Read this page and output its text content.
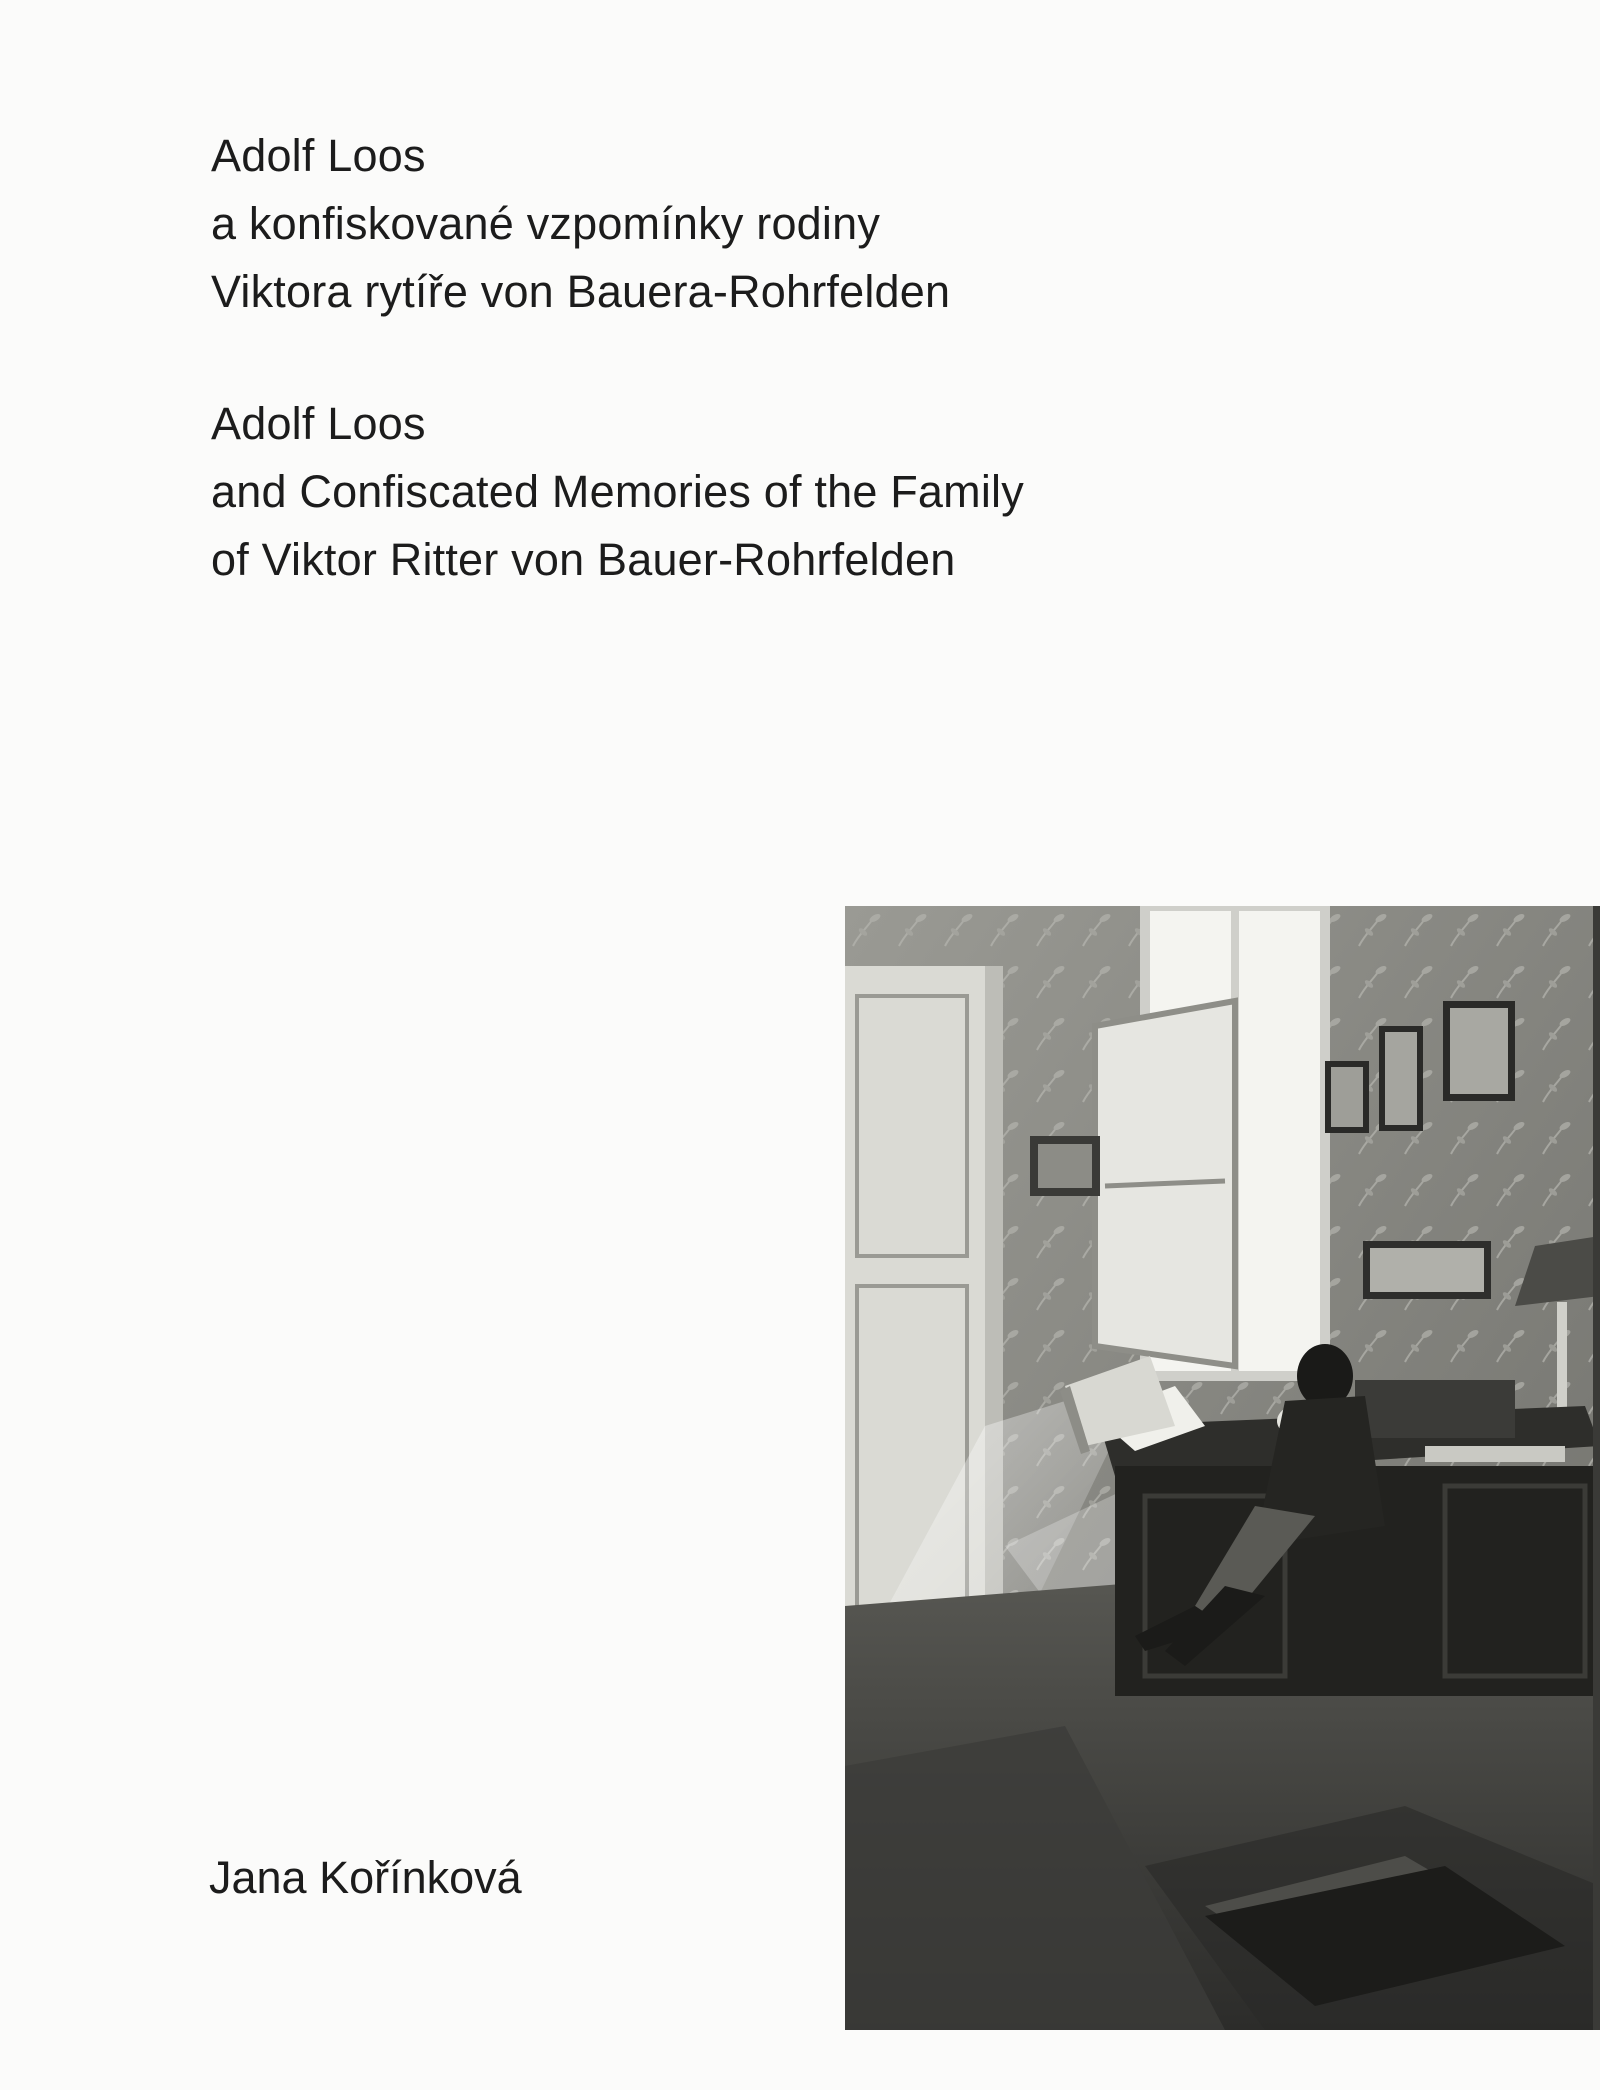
Adolf Loos
a konfiskované vzpomínky rodiny
Viktora rytíře von Bauera-Rohrfelden
Adolf Loos
and Confiscated Memories of the Family
of Viktor Ritter von Bauer-Rohrfelden
Jana Kořínková
